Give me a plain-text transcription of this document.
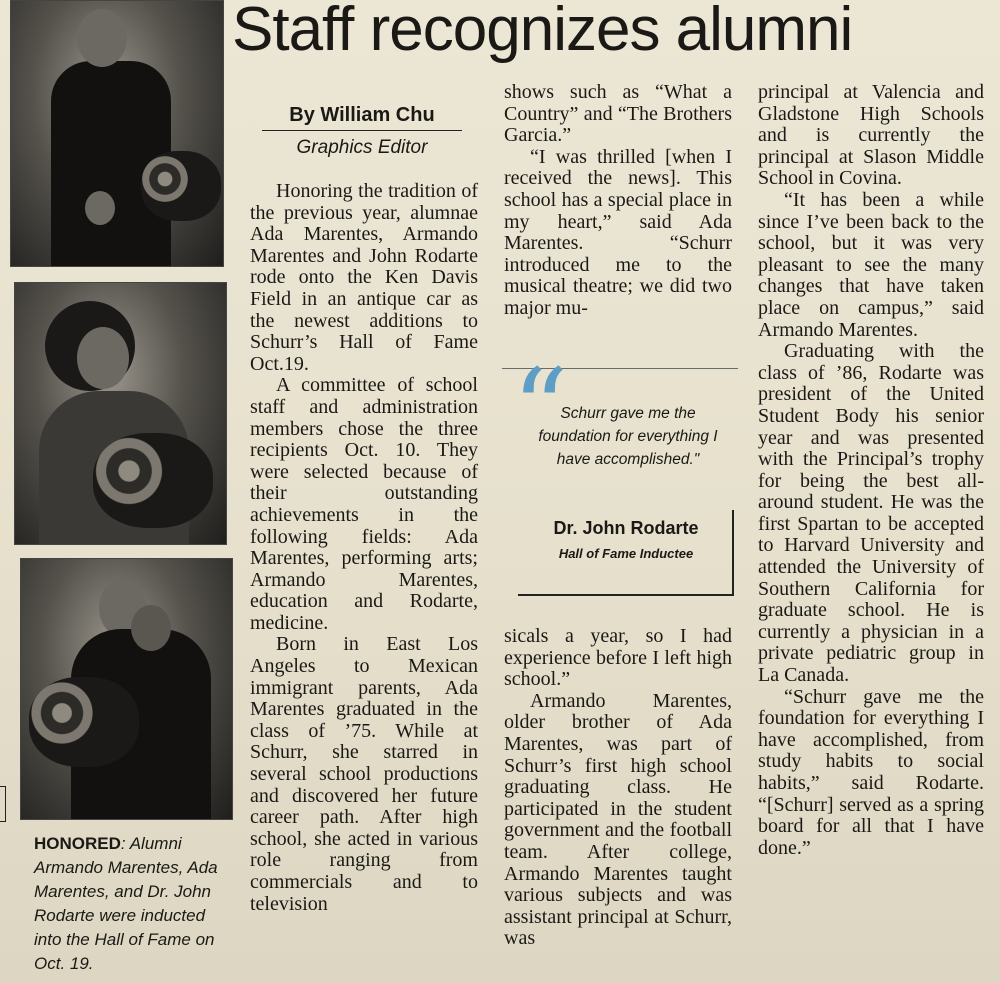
HONORED: Alumni Armando Marentes, Ada Marentes, and Dr. John Rodarte were inducted into the Hall of Fame on Oct. 19.
Staff recognizes alumni
By William Chu
Graphics Editor

Honoring the tradition of the previous year, alumnae Ada Marentes, Armando Marentes and John Rodarte rode onto the Ken Davis Field in an antique car as the newest additions to Schurr’s Hall of Fame Oct.19.

A committee of school staff and administration members chose the three recipients Oct. 10. They were selected because of their outstanding achievements in the following fields: Ada Marentes, performing arts; Armando Marentes, education and Rodarte, medicine.

Born in East Los Angeles to Mexican immigrant parents, Ada Marentes graduated in the class of ’75. While at Schurr, she starred in several school productions and discovered her future career path. After high school, she acted in various role ranging from commercials and to television

shows such as “What a Country” and “The Brothers Garcia.”

“I was thrilled [when I received the news]. This school has a special place in my heart,” said Ada Marentes. “Schurr introduced me to the musical theatre; we did two major mu-

“
Schurr gave me the foundation for everything I have accomplished."
Dr. John Rodarte
Hall of Fame Inductee

sicals a year, so I had experience before I left high school.”

Armando Marentes, older brother of Ada Marentes, was part of Schurr’s first high school graduating class. He participated in the student government and the football team. After college, Armando Marentes taught various subjects and was assistant principal at Schurr, was

principal at Valencia and Gladstone High Schools and is currently the principal at Slason Middle School in Covina.

“It has been a while since I’ve been back to the school, but it was very pleasant to see the many changes that have taken place on campus,” said Armando Marentes.

Graduating with the class of ’86, Rodarte was president of the United Student Body his senior year and was presented with the Principal’s trophy for being the best all-around student. He was the first Spartan to be accepted to Harvard University and attended the University of Southern California for graduate school. He is currently a physician in a private pediatric group in La Canada.

“Schurr gave me the foundation for everything I have accomplished, from study habits to social habits,” said Rodarte. “[Schurr] served as a spring board for all that I have done.”
